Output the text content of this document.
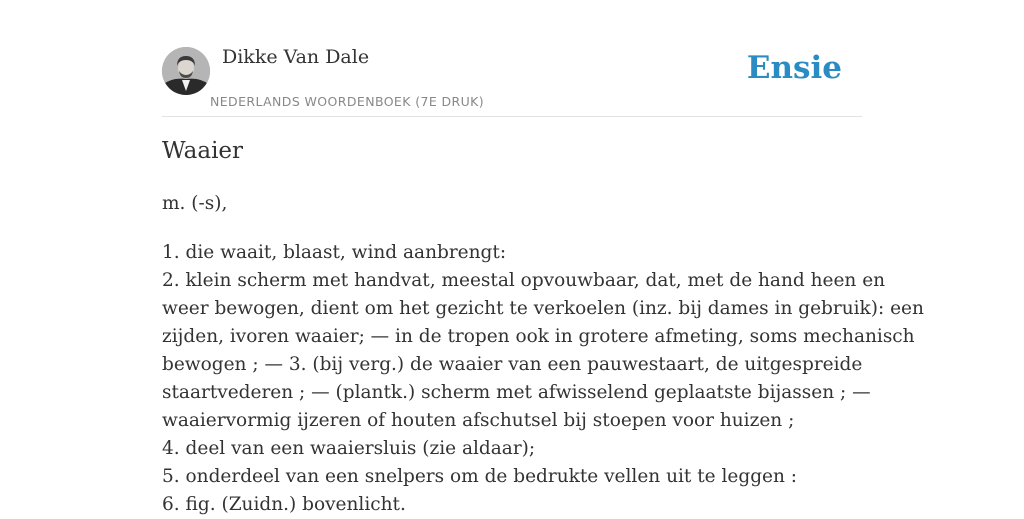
Dikke Van Dale
NEDERLANDS WOORDENBOEK (7E DRUK)
Ensie
Waaier
m. (-s),
1. die waait, blaast, wind aanbrengt:
2. klein scherm met handvat, meestal opvouwbaar, dat, met de hand heen en
weer bewogen, dient om het gezicht te verkoelen (inz. bij dames in gebruik): een
zijden, ivoren waaier; — in de tropen ook in grotere afmeting, soms mechanisch
bewogen ; — 3. (bij verg.) de waaier van een pauwestaart, de uitgespreide
staartvederen ; — (plantk.) scherm met afwisselend geplaatste bijassen ; —
waaiervormig ijzeren of houten afschutsel bij stoepen voor huizen ;
4. deel van een waaiersluis (zie aldaar);
5. onderdeel van een snelpers om de bedrukte vellen uit te leggen :
6. fig. (Zuidn.) bovenlicht.
